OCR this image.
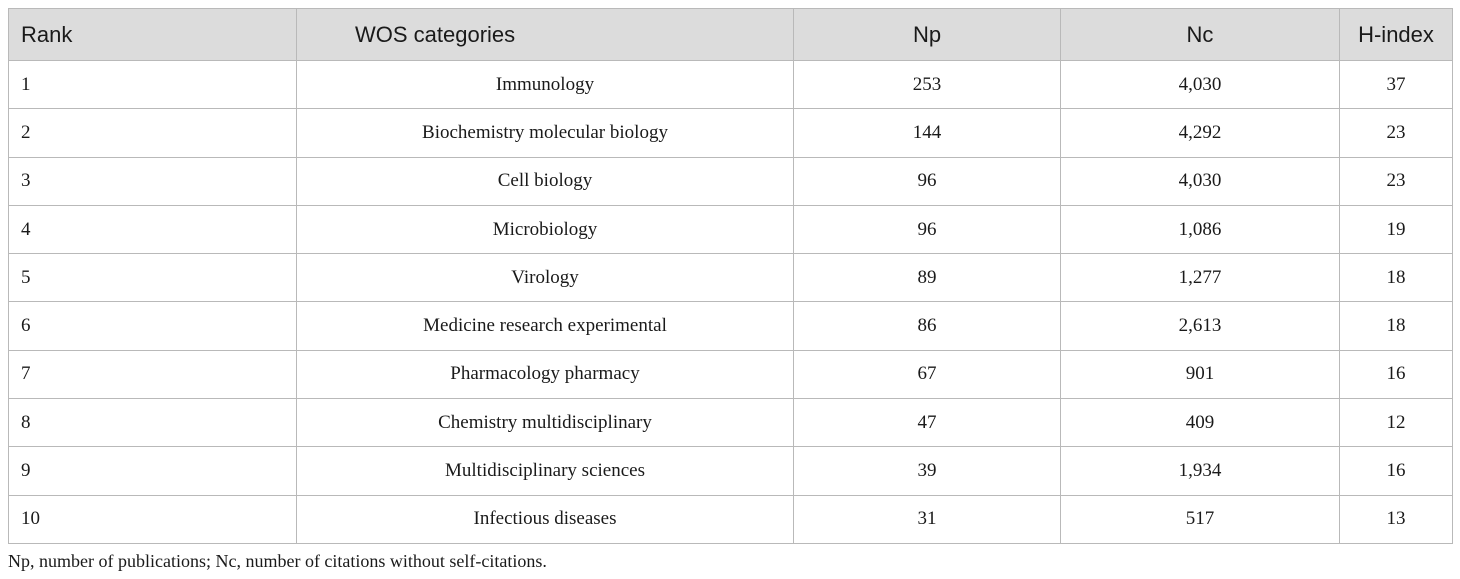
Rank	WOS categories	Np	Nc	H-index
1	Immunology	253	4,030	37
2	Biochemistry molecular biology	144	4,292	23
3	Cell biology	96	4,030	23
4	Microbiology	96	1,086	19
5	Virology	89	1,277	18
6	Medicine research experimental	86	2,613	18
7	Pharmacology pharmacy	67	901	16
8	Chemistry multidisciplinary	47	409	12
9	Multidisciplinary sciences	39	1,934	16
10	Infectious diseases	31	517	13

Np, number of publications; Nc, number of citations without self-citations.
